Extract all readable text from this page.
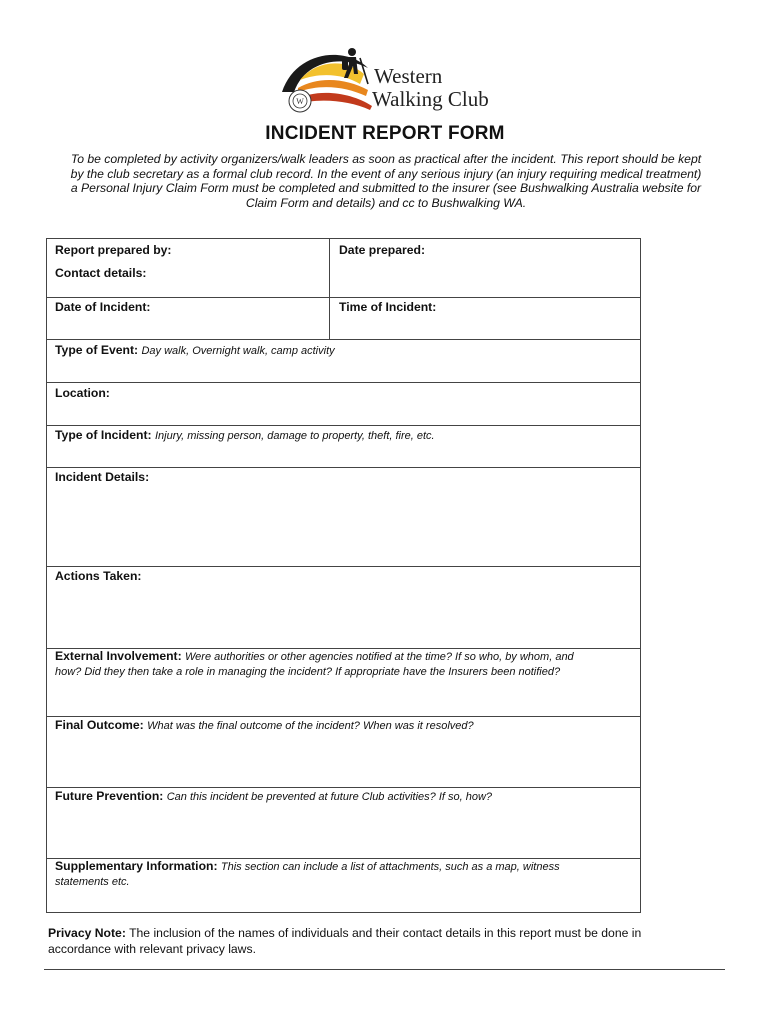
W
Western
Walking Club
INCIDENT REPORT FORM
To be completed by activity organizers/walk leaders as soon as practical after the incident. This report should be kept
by the club secretary as a formal club record. In the event of any serious injury (an injury requiring medical treatment)
a Personal Injury Claim Form must be completed and submitted to the insurer (see Bushwalking Australia website for
Claim Form and details) and cc to Bushwalking WA.
Report prepared by:
Contact details:
Date prepared:
Date of Incident:	Time of Incident:
Type of Event: Day walk, Overnight walk, camp activity
Location:
Type of Incident: Injury, missing person, damage to property, theft, fire, etc.
Incident Details:
Actions Taken:
External Involvement: Were authorities or other agencies notified at the time? If so who, by whom, and
how? Did they then take a role in managing the incident? If appropriate have the Insurers been notified?
Final Outcome: What was the final outcome of the incident? When was it resolved?
Future Prevention: Can this incident be prevented at future Club activities? If so, how?
Supplementary Information: This section can include a list of attachments, such as a map, witness
statements etc.
Privacy Note: The inclusion of the names of individuals and their contact details in this report must be done in
accordance with relevant privacy laws.
